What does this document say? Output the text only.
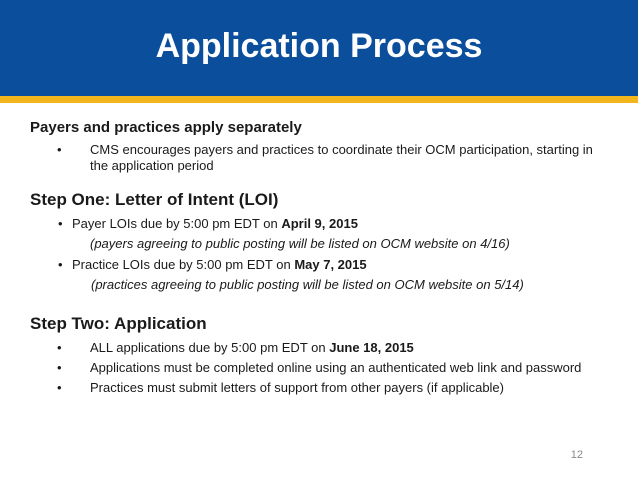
Application Process

Payers and practices apply separately

• CMS encourages payers and practices to coordinate their OCM participation, starting in the application period

Step One: Letter of Intent (LOI)

• Payer LOIs due by 5:00 pm EDT on April 9, 2015

(payers agreeing to public posting will be listed on OCM website on 4/16)

• Practice LOIs due by 5:00 pm EDT on May 7, 2015

(practices agreeing to public posting will be listed on OCM website on 5/14)

Step Two: Application

• ALL applications due by 5:00 pm EDT on June 18, 2015
• Applications must be completed online using an authenticated web link and password
• Practices must submit letters of support from other payers (if applicable)
12
